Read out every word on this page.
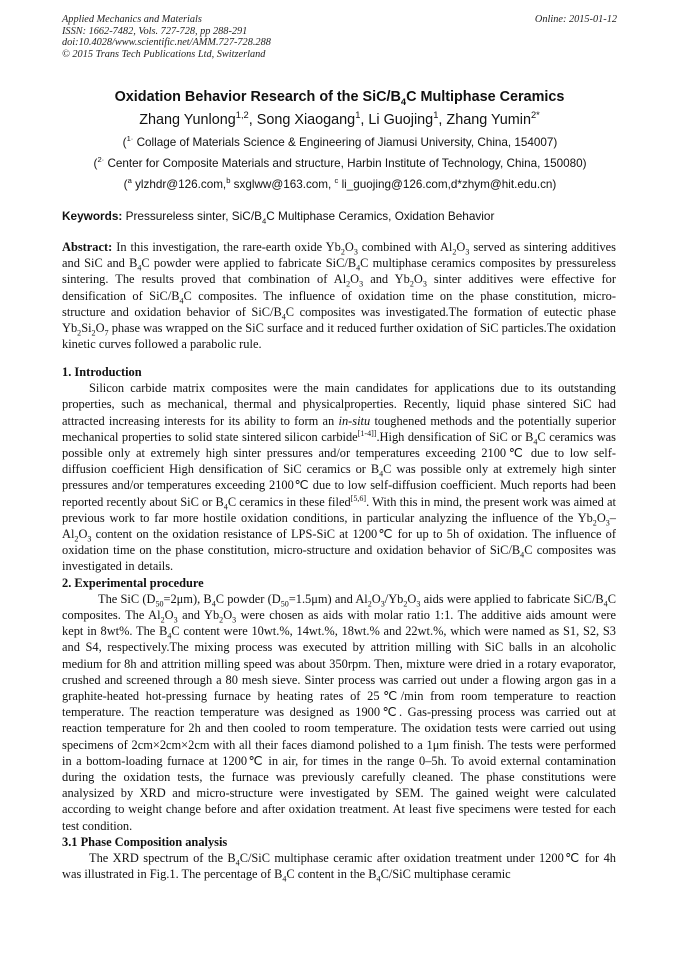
Applied Mechanics and Materials
ISSN: 1662-7482, Vols. 727-728, pp 288-291
doi:10.4028/www.scientific.net/AMM.727-728.288
© 2015 Trans Tech Publications Ltd, Switzerland
Online: 2015-01-12
Oxidation Behavior Research of the SiC/$B_4C$ Multiphase Ceramics
Zhang Yunlong$^{1,2}$, Song Xiaogang$^1$, Li Guojing$^1$, Zhang Yumin$^{2*}$
($^{1\cdot}$ Collage of Materials Science & Engineering of Jiamusi University, China, 154007)
($^{2\cdot}$ Center for Composite Materials and structure, Harbin Institute of Technology, China, 150080)
($^a$ ylzhdr@126.com,$^b$ sxglww@163.com, $^c$ li_guojing@126.com,d*zhym@hit.edu.cn)
Keywords: Pressureless sinter, SiC/$B_4C$ Multiphase Ceramics, Oxidation Behavior

Abstract: In this investigation, the rare-earth oxide $Yb_2O_3$ combined with $Al_2O_3$ served as sintering additives and SiC and $B_4C$ powder were applied to fabricate SiC/$B_4C$ multiphase ceramics composites by pressureless sintering. The results proved that combination of $Al_2O_3$ and $Yb_2O_3$ sinter additives were effective for densification of SiC/$B_4C$ composites. The influence of oxidation time on the phase constitution, micro-structure and oxidation behavior of SiC/$B_4C$ composites was investigated.The formation of eutectic phase $Yb_2Si_2O_7$ phase was wrapped on the SiC surface and it reduced further oxidation of SiC particles.The oxidation kinetic curves followed a parabolic rule.

1. Introduction

Silicon carbide matrix composites were the main candidates for applications due to its outstanding properties, such as mechanical, thermal and physicalproperties. Recently, liquid phase sintered SiC had attracted increasing interests for its ability to form an in-situ toughened methods and the potentially superior mechanical properties to solid state sintered silicon carbide[1-4]].High densification of SiC or $B_4C$ ceramics was possible only at extremely high sinter pressures and/or temperatures exceeding 2100℃ due to low self-diffusion coefficient High densification of SiC ceramics or $B_4C$ was possible only at extremely high sinter pressures and/or temperatures exceeding 2100℃ due to low self-diffusion coefficient. Much reports had been reported recently about SiC or $B_4C$ ceramics in these filed[5,6]. With this in mind, the present work was aimed at previous work to far more hostile oxidation conditions, in particular analyzing the influence of the $Yb_2O_3-Al_2O_3$ content on the oxidation resistance of LPS-SiC at 1200℃ for up to 5h of oxidation. The influence of oxidation time on the phase constitution, micro-structure and oxidation behavior of SiC/$B_4C$ composites was investigated in details.

2. Experimental procedure

The SiC $(D_{50}=2\mu m)$, $B_4C$ powder $(D_{50}=1.5\mu m)$ and $Al_2O_3/Yb_2O_3$ aids were applied to fabricate SiC/$B_4C$ composites. The $Al_2O_3$ and $Yb_2O_3$ were chosen as aids with molar ratio 1:1. The additive aids amount were kept in 8wt%. The $B_4C$ content were 10wt.%, 14wt.%, 18wt.% and 22wt.%, which were named as S1, S2, S3 and S4, respectively.The mixing process was executed by attrition milling with SiC balls in an alcoholic medium for 8h and attrition milling speed was about 350rpm. Then, mixture were dried in a rotary evaporator, crushed and screened through a 80 mesh sieve. Sinter process was carried out under a flowing argon gas in a graphite-heated hot-pressing furnace by heating rates of 25℃/min from room temperature to reaction temperature. The reaction temperature was designed as 1900℃. Gas-pressing process was carried out at reaction temperature for 2h and then cooled to room temperature. The oxidation tests were carried out using specimens of 2cm×2cm×2cm with all their faces diamond polished to a 1μm finish. The tests were performed in a bottom-loading furnace at 1200℃ in air, for times in the range 0–5h. To avoid external contamination during the oxidation tests, the furnace was previously carefully cleaned. The phase constitutions were analysized by XRD and micro-structure were investigated by SEM. The gained weight were calculated according to weight change before and after oxidation treatment. At least five specimens were tested for each test condition.

3.1 Phase Composition analysis

The XRD spectrum of the $B_4C$/SiC multiphase ceramic after oxidation treatment under 1200℃ for 4h was illustrated in Fig.1. The percentage of $B_4C$ content in the $B_4C$/SiC multiphase ceramic
